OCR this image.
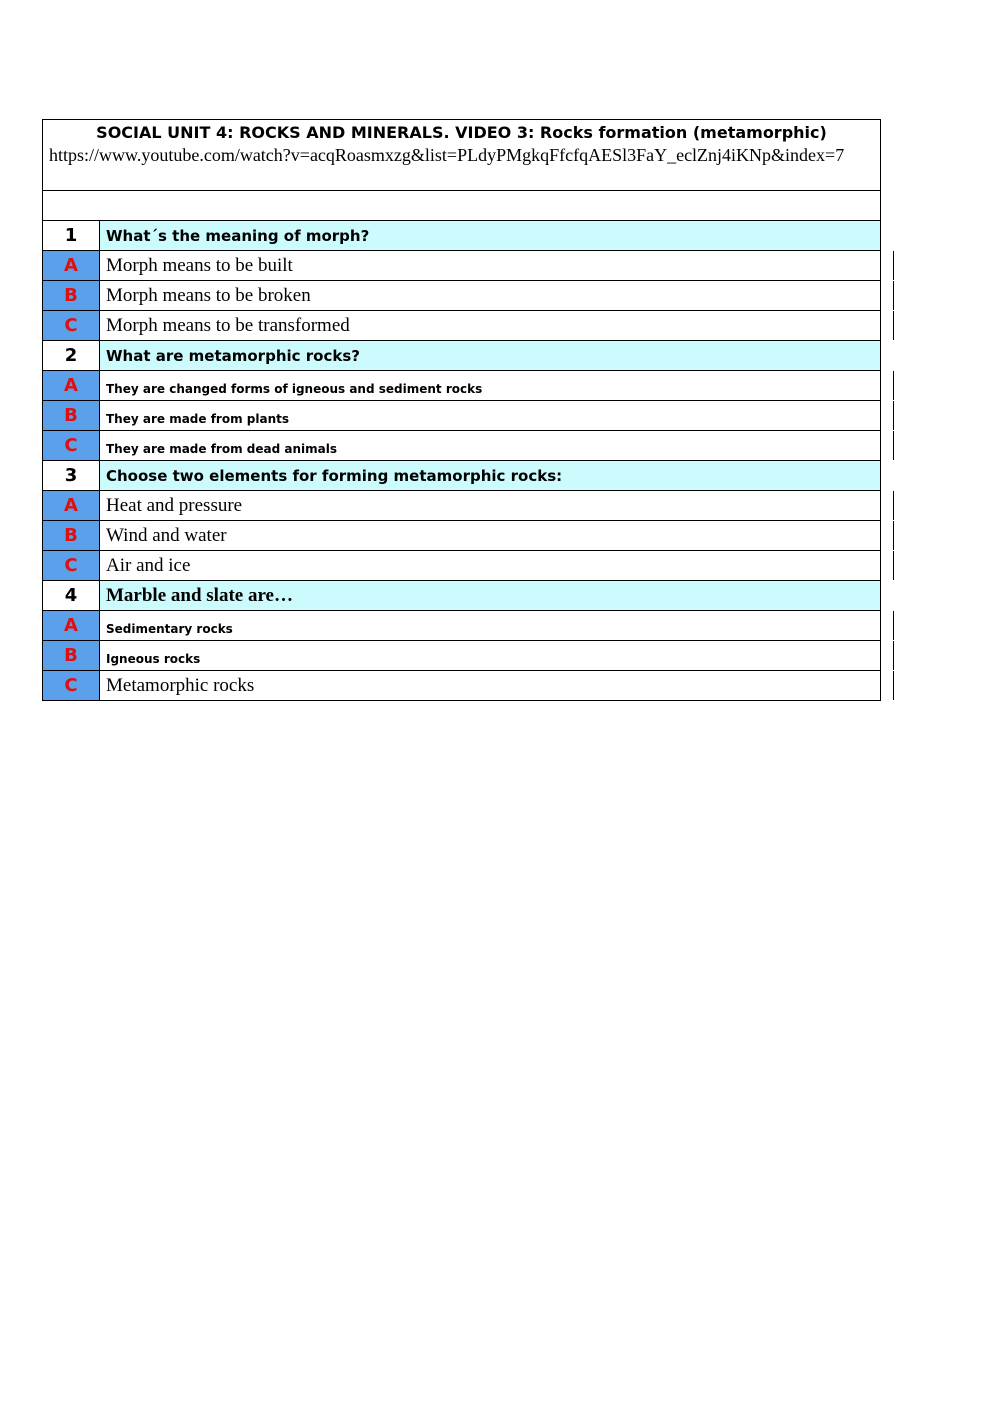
SOCIAL UNIT 4: ROCKS AND MINERALS. VIDEO 3: Rocks formation (metamorphic)
https://www.youtube.com/watch?v=acqRoasmxzg&list=PLdyPMgkqFfcfqAESl3FaY_eclZnj4iKNp&index=7
1	What´s the meaning of morph?
A	Morph means to be built
B	Morph means to be broken
C	Morph means to be transformed
2	What are metamorphic rocks?
A	They are changed forms of igneous and sediment rocks
B	They are made from plants
C	They are made from dead animals
3	Choose two elements for forming metamorphic rocks:
A	Heat and pressure
B	Wind and water
C	Air and ice
4	Marble and slate are…
A	Sedimentary rocks
B	Igneous rocks
C	Metamorphic rocks
